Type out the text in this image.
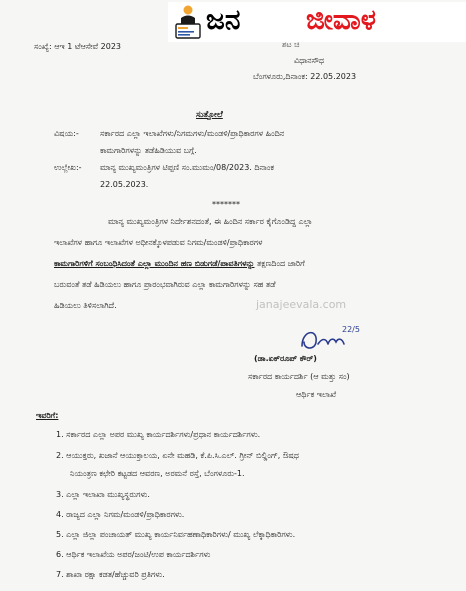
ಜನ ಜೀವಾಳ
ಸಂಖ್ಯೆ: ಆಇ 1 ಟೆಆಸೇವೆ 2023	ಶಟ ಚಿ
ವಿಧಾನಸೌಧ
ಬೆಂಗಳೂರು,ದಿನಾಂಕ: 22.05.2023
ಸುತ್ತೋಲೆ
ವಿಷಯ:-	ಸರ್ಕಾರದ ಎಲ್ಲಾ ಇಲಾಖೆಗಳು/ನಿಗಮಗಳು/ಮಂಡಳಿ/ಪ್ರಾಧಿಕಾರಗಳ ಹಿಂದಿನ
ಕಾಮಗಾರಿಗಳನ್ನು ತಡೆಹಿಡಿಯುವ ಬಗ್ಗೆ.
ಉಲ್ಲೇಖ:- ಮಾನ್ಯ ಮುಖ್ಯಮಂತ್ರಿಗಳ ಟಿಪ್ಪಣಿ ಸಂ.ಮುಮಂ/08/2023. ದಿನಾಂಕ
22.05.2023.
*******
ಮಾನ್ಯ ಮುಖ್ಯಮಂತ್ರಿಗಳ ನಿರ್ದೇಶನದಂತೆ, ಈ ಹಿಂದಿನ ಸರ್ಕಾರ ಕೈಗೊಂಡಿದ್ದ ಎಲ್ಲಾ
ಇಲಾಖೆಗಳ ಹಾಗೂ ಇಲಾಖೆಗಳ ಅಧೀನಕ್ಕೊಳಪಡುವ ನಿಗಮ/ಮಂಡಳಿ/ಪ್ರಾಧಿಕಾರಗಳ
ಕಾಮಗಾರಿಗಳಿಗೆ ಸಂಬಂಧಿಸಿದಂತೆ ಎಲ್ಲಾ ಮುಂದಿನ ಹಣ ಬಿಡುಗಡೆ/ಪಾವತಿಗಳನ್ನು ತಕ್ಷಣದಿಂದ ಜಾರಿಗೆ
ಬರುವಂತೆ ತಡೆ ಹಿಡಿಯಲು ಹಾಗೂ ಪ್ರಾರಂಭವಾಗಿರುವ ಎಲ್ಲಾ ಕಾಮಗಾರಿಗಳನ್ನು ಸಹ ತಡೆ
ಹಿಡಿಯಲು ತಿಳಿಸಲಾಗಿದೆ.	janajeevala.com
22/5
(ಡಾ.ಏಕ್‌ರೂಪ್ ಕೌರ್)
ಸರ್ಕಾರದ ಕಾರ್ಯದರ್ಶಿ (ಆ ಮತ್ತು ಸಂ)
ಆರ್ಥಿಕ ಇಲಾಖೆ
ಇವರಿಗೆ:
1. ಸರ್ಕಾರದ ಎಲ್ಲಾ ಅಪರ ಮುಖ್ಯ ಕಾರ್ಯದರ್ಶಿಗಳು/ಪ್ರಧಾನ ಕಾರ್ಯದರ್ಶಿಗಳು.
2. ಆಯುಕ್ತರು, ಖಜಾನೆ ಆಯುಕ್ತಾಲಯ, ಏನೇ ಮಹಡಿ, ಕೆ.ಪಿ.ಸಿ.ಎಲ್. ಗ್ರೀನ್ ಬಿಲ್ಡಿಂಗ್, ಔಷಧ
ನಿಯಂತ್ರಣ ಕಛೇರಿ ಕಟ್ಟಡದ ಆವರಣ, ಅರಮನೆ ರಸ್ತೆ, ಬೆಂಗಳೂರು-1.
3. ಎಲ್ಲಾ ಇಲಾಖಾ ಮುಖ್ಯಸ್ಥರುಗಳು.
4. ರಾಜ್ಯದ ಎಲ್ಲಾ ನಿಗಮ/ಮಂಡಳಿ/ಪ್ರಾಧಿಕಾರಗಳು.
5. ಎಲ್ಲಾ ಜಿಲ್ಲಾ ಪಂಚಾಯತ್ ಮುಖ್ಯ ಕಾರ್ಯನಿರ್ವಹಣಾಧಿಕಾರಿಗಳು/ ಮುಖ್ಯ ಲೆಕ್ಕಾಧಿಕಾರಿಗಳು.
6. ಆರ್ಥಿಕ ಇಲಾಖೆಯ ಅಪರ/ಜಂಟಿ/ಉಪ ಕಾರ್ಯದರ್ಶಿಗಳು
7. ಶಾಖಾ ರಕ್ಷಾ ಕಡತ/ಹೆಚ್ಚುವರಿ ಪ್ರತಿಗಳು.
